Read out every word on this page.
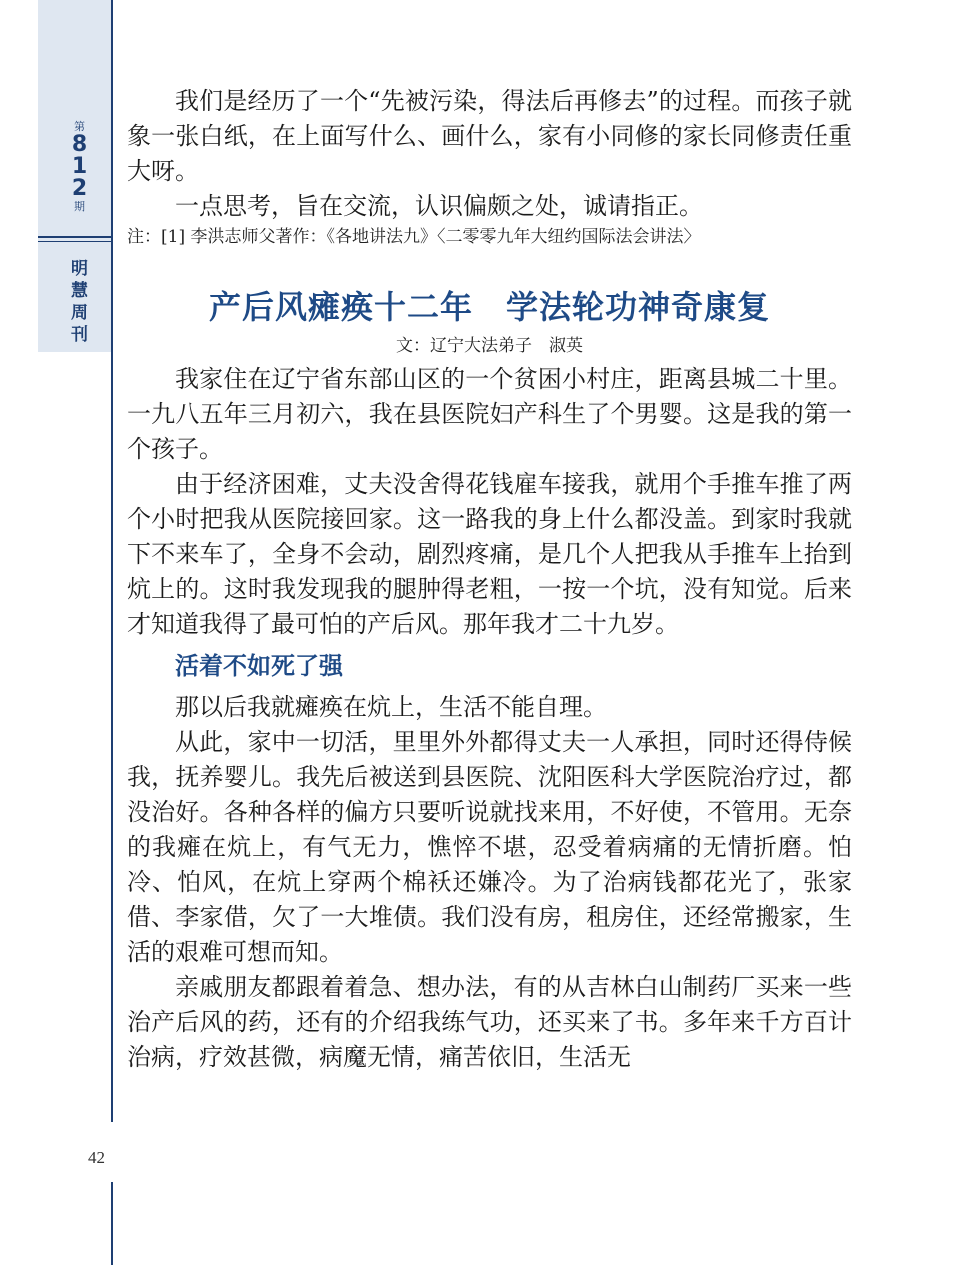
第
8
1
2
期
明
慧
周
刊
42

我们是经历了一个“先被污染，得法后再修去”的过程。而孩子就象一张白纸，在上面写什么、画什么，家有小同修的家长同修责任重大呀。

一点思考，旨在交流，认识偏颇之处，诚请指正。

注：[1] 李洪志师父著作：《各地讲法九》〈二零零九年大纽约国际法会讲法〉

产后风瘫痪十二年　学法轮功神奇康复
文：辽宁大法弟子　淑英

我家住在辽宁省东部山区的一个贫困小村庄，距离县城二十里。一九八五年三月初六，我在县医院妇产科生了个男婴。这是我的第一个孩子。

由于经济困难，丈夫没舍得花钱雇车接我，就用个手推车推了两个小时把我从医院接回家。这一路我的身上什么都没盖。到家时我就下不来车了，全身不会动，剧烈疼痛，是几个人把我从手推车上抬到炕上的。这时我发现我的腿肿得老粗，一按一个坑，没有知觉。后来才知道我得了最可怕的产后风。那年我才二十九岁。

活着不如死了强

那以后我就瘫痪在炕上，生活不能自理。

从此，家中一切活，里里外外都得丈夫一人承担，同时还得侍候我，抚养婴儿。我先后被送到县医院、沈阳医科大学医院治疗过，都没治好。各种各样的偏方只要听说就找来用，不好使，不管用。无奈的我瘫在炕上，有气无力，憔悴不堪，忍受着病痛的无情折磨。怕冷、怕风，在炕上穿两个棉袄还嫌冷。为了治病钱都花光了，张家借、李家借，欠了一大堆债。我们没有房，租房住，还经常搬家，生活的艰难可想而知。

亲戚朋友都跟着着急、想办法，有的从吉林白山制药厂买来一些治产后风的药，还有的介绍我练气功，还买来了书。多年来千方百计治病，疗效甚微，病魔无情，痛苦依旧，生活无
